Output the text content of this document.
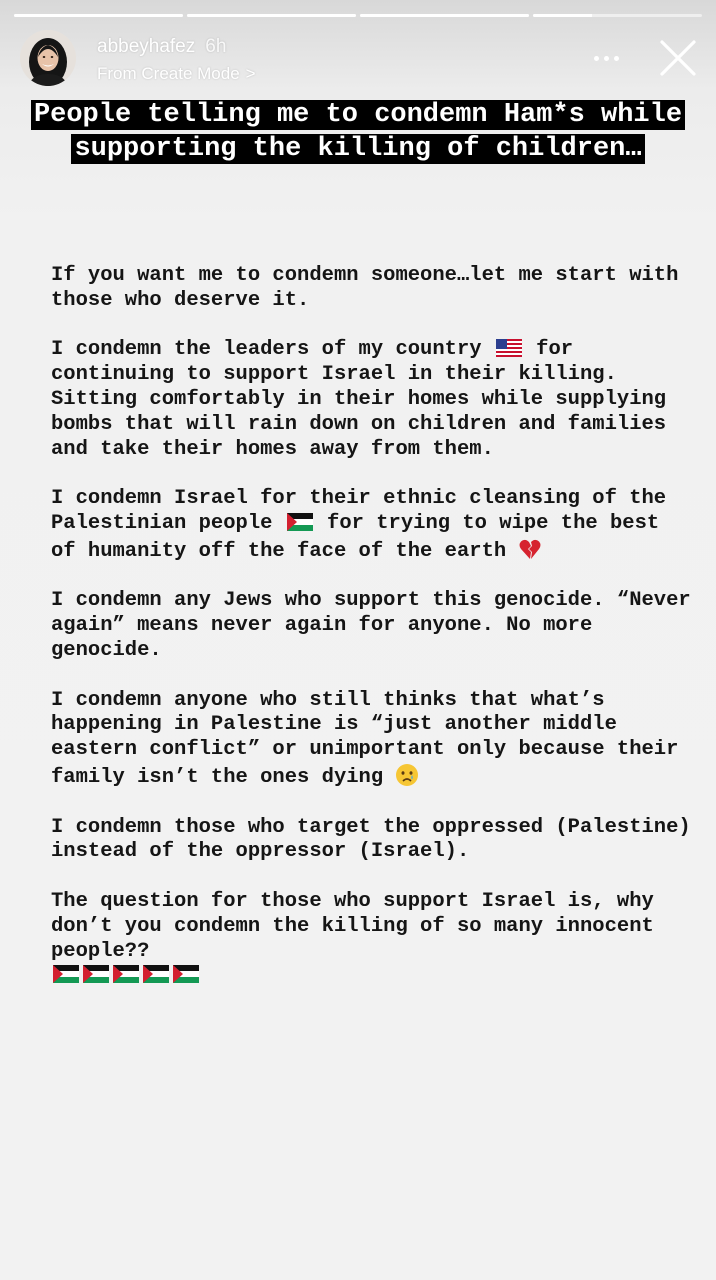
abbeyhafez 6h
From Create Mode >
People telling me to condemn Ham*s while supporting the killing of children…

If you want me to condemn someone…let me start with those who deserve it.

I condemn the leaders of my country  for continuing to support Israel in their killing. Sitting comfortably in their homes while supplying bombs that will rain down on children and families and take their homes away from them.

I condemn Israel for their ethnic cleansing of the Palestinian people  for trying to wipe the best of humanity off the face of the earth

I condemn any Jews who support this genocide. “Never again” means never again for anyone. No more genocide.

I condemn anyone who still thinks that what’s happening in Palestine is “just another middle eastern conflict” or unimportant only because their family isn’t the ones dying

I condemn those who target the oppressed (Palestine) instead of the oppressor (Israel).

The question for those who support Israel is, why don’t you condemn the killing of so many innocent people??
